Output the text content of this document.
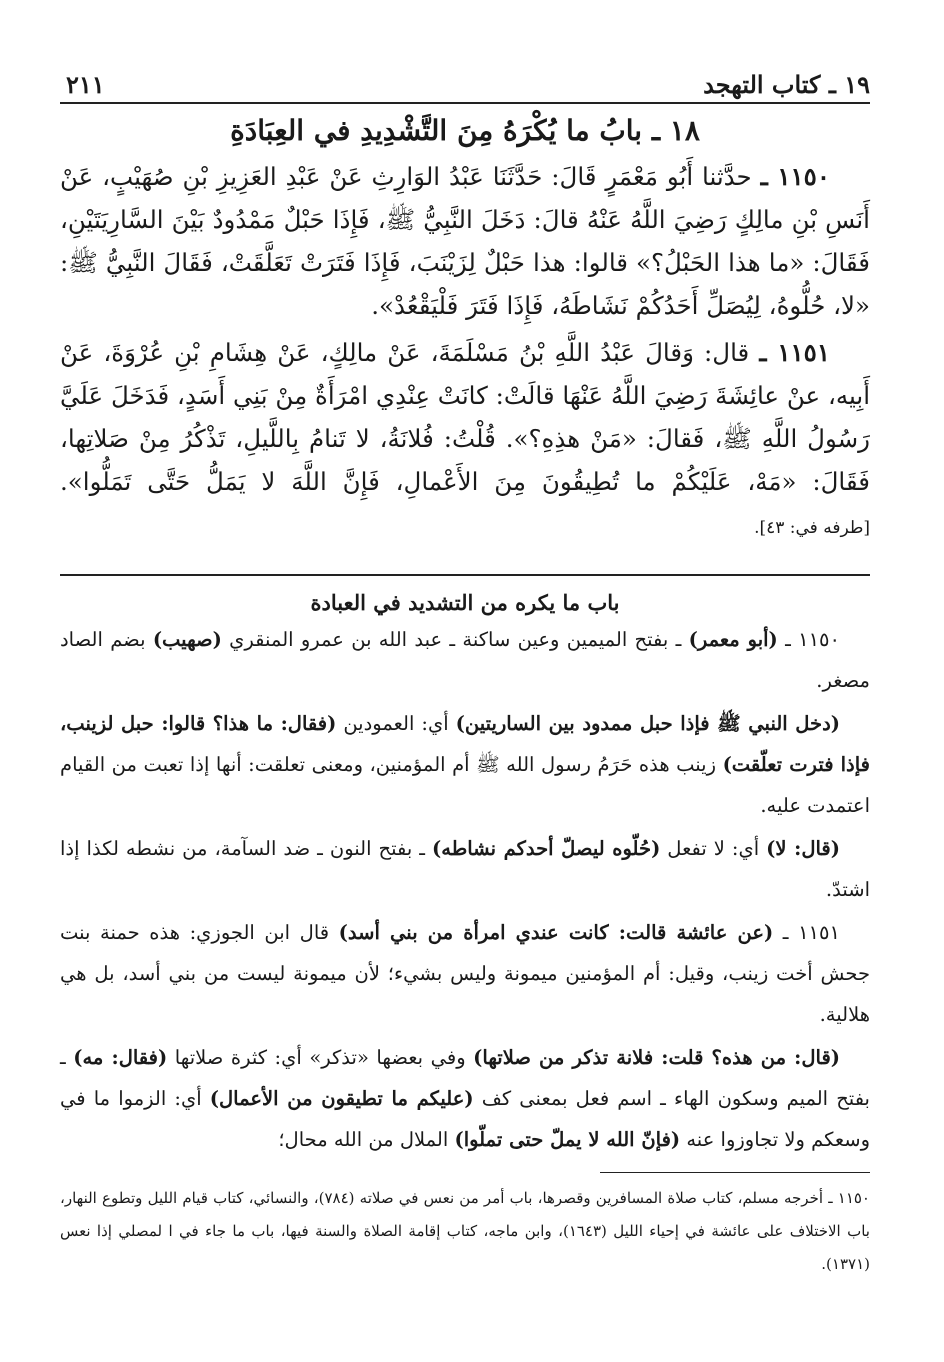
١٩ ـ كتاب التهجد
٢١١
١٨ ـ بابُ ما يُكْرَهُ مِنَ التَّشْدِيدِ في العِبَادَةِ

١١٥٠ ـ حدَّثنا أَبُو مَعْمَرٍ قَالَ: حَدَّثَنَا عَبْدُ الوَارِثِ عَنْ عَبْدِ العَزِيزِ بْنِ صُهَيْبٍ، عَنْ أَنَسِ بْنِ مالِكٍ رَضِيَ اللَّهُ عَنْهُ قالَ: دَخَلَ النَّبِيُّ ﷺ، فَإِذَا حَبْلٌ مَمْدُودٌ بَيْنَ السَّارِيَتَيْنِ، فَقَالَ: «ما هذا الحَبْلُ؟» قالوا: هذا حَبْلٌ لِزَيْنَبَ، فَإِذَا فَتَرَتْ تَعَلَّقَتْ، فَقَالَ النَّبِيُّ ﷺ: «لا، حُلُّوهُ، لِيُصَلِّ أَحَدُكُمْ نَشَاطَهُ، فَإِذَا فَتَرَ فَلْيَقْعُدْ».

١١٥١ ـ قال: وَقالَ عَبْدُ اللَّهِ بْنُ مَسْلَمَةَ، عَنْ مالِكٍ، عَنْ هِشَامِ بْنِ عُرْوَةَ، عَنْ أَبِيه، عنْ عائِشَةَ رَضِيَ اللَّهُ عَنْهَا قالَتْ: كانَتْ عِنْدِي امْرَأَةٌ مِنْ بَنِي أَسَدٍ، فَدَخَلَ عَلَيَّ رَسُولُ اللَّهِ ﷺ، فَقالَ: «مَنْ هذِهِ؟». قُلْتُ: فُلانَةُ، لا تَنامُ بِاللَّيلِ، تَذْكُرُ مِنْ صَلاتِها، فَقَالَ: «مَهْ، عَلَيْكُمْ ما تُطِيقُونَ مِنَ الأَعْمالِ، فَإِنَّ اللَّهَ لا يَمَلُّ حَتَّى تَمَلُّوا». [طرفه في: ٤٣].

باب ما يكره من التشديد في العبادة

١١٥٠ ـ (أبو معمر) ـ بفتح الميمين وعين ساكنة ـ عبد الله بن عمرو المنقري (صهيب) بضم الصاد مصغر.

(دخل النبي ﷺ فإذا حبل ممدود بين الساريتين) أي: العمودين (فقال: ما هذا؟ قالوا: حبل لزينب، فإذا فترت تعلّقت) زينب هذه حَرَمُ رسول الله ﷺ أم المؤمنين، ومعنى تعلقت: أنها إذا تعبت من القيام اعتمدت عليه.

(قال: لا) أي: لا تفعل (حُلّوه ليصلّ أحدكم نشاطه) ـ بفتح النون ـ ضد السآمة، من نشطه لكذا إذا اشتدّ.

١١٥١ ـ (عن عائشة قالت: كانت عندي امرأة من بني أسد) قال ابن الجوزي: هذه حمنة بنت جحش أخت زينب، وقيل: أم المؤمنين ميمونة وليس بشيء؛ لأن ميمونة ليست من بني أسد، بل هي هلالية.

(قال: من هذه؟ قلت: فلانة تذكر من صلاتها) وفي بعضها «تذكر» أي: كثرة صلاتها (فقال: مه) ـ بفتح الميم وسكون الهاء ـ اسم فعل بمعنى كف (عليكم ما تطيقون من الأعمال) أي: الزموا ما في وسعكم ولا تجاوزوا عنه (فإنّ الله لا يملّ حتى تملّوا) الملال من الله محال؛

١١٥٠ ـ أخرجه مسلم، كتاب صلاة المسافرين وقصرها، باب أمر من نعس في صلاته (٧٨٤)، والنسائي، كتاب قيام الليل وتطوع النهار، باب الاختلاف على عائشة في إحياء الليل (١٦٤٣)، وابن ماجه، كتاب إقامة الصلاة والسنة فيها، باب ما جاء في ا لمصلي إذا نعس (١٣٧١).
